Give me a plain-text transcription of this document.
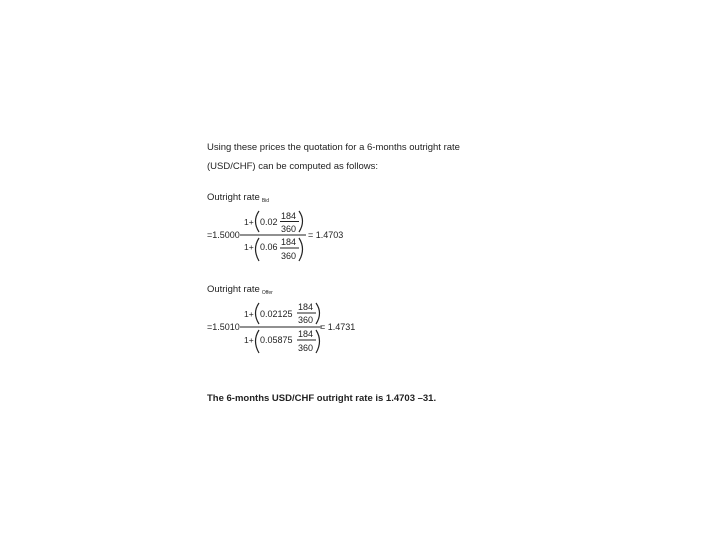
Using these prices the quotation for a 6-months outright rate
(USD/CHF) can be computed as follows:
Outright rate $_{Bid}$
1+ 0.02
184
360
=1.5000	= 1.4703
1+ 0.06 184
360
1+ 0.02125
184
360
=1.5010	= 1.4731
1+ 0.05875
184
360
Outright rate $_{Offer}$
The 6-months USD/CHF outright rate is 1.4703 –31.
